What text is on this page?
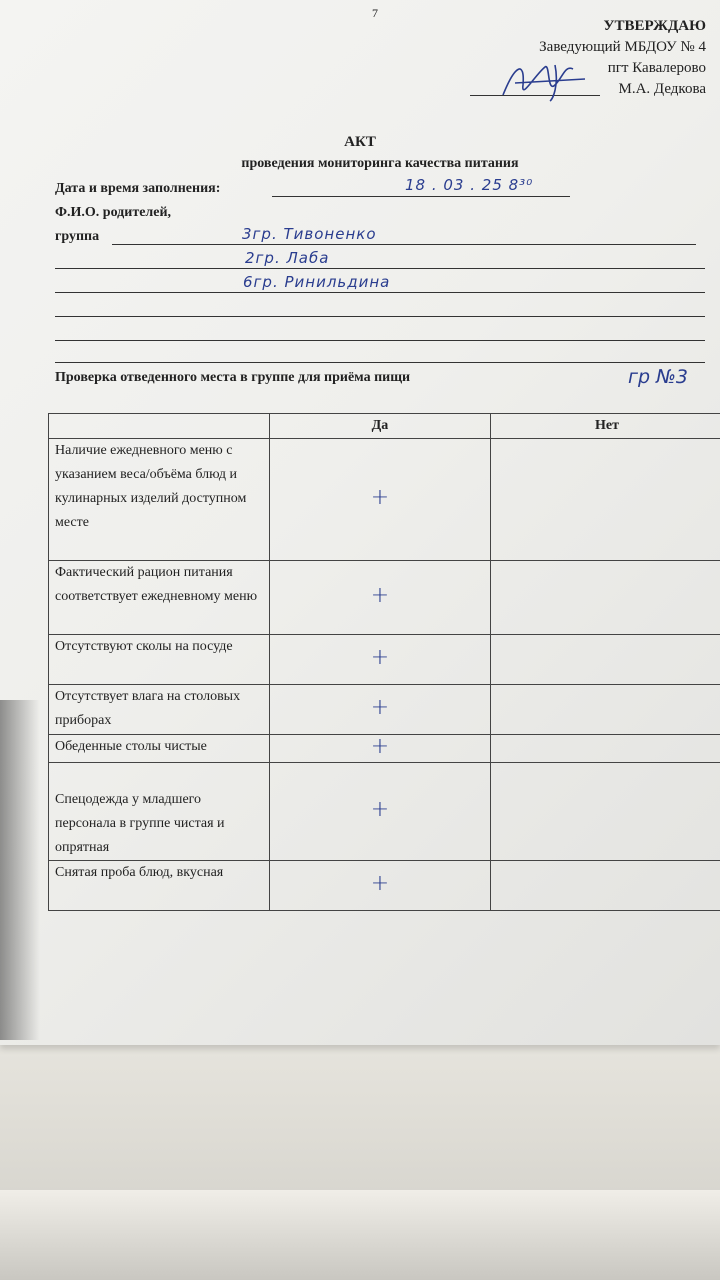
7
УТВЕРЖДАЮ
Заведующий МБДОУ № 4
пгт Кавалерово
М.А. Дедкова
АКТ
проведения мониторинга качества питания
Дата и время заполнения:	18 . 03 . 25 8³⁰
Ф.И.О. родителей,
группа	3гр. Тивоненко
2гр. Лаба
6гр. Ринильдина
Проверка отведенного места в группе для приёма пищи	гр №3
	Да	Нет
Наличие ежедневного меню с указанием веса/объёма блюд и кулинарных изделий доступном месте	+	
Фактический рацион питания соответствует ежедневному меню	+	
Отсутствуют сколы на посуде	+	
Отсутствует влага на столовых приборах	+	
Обеденные столы чистые	+	
Спецодежда у младшего персонала в группе чистая и опрятная	+	
Снятая проба блюд, вкусная	+	
